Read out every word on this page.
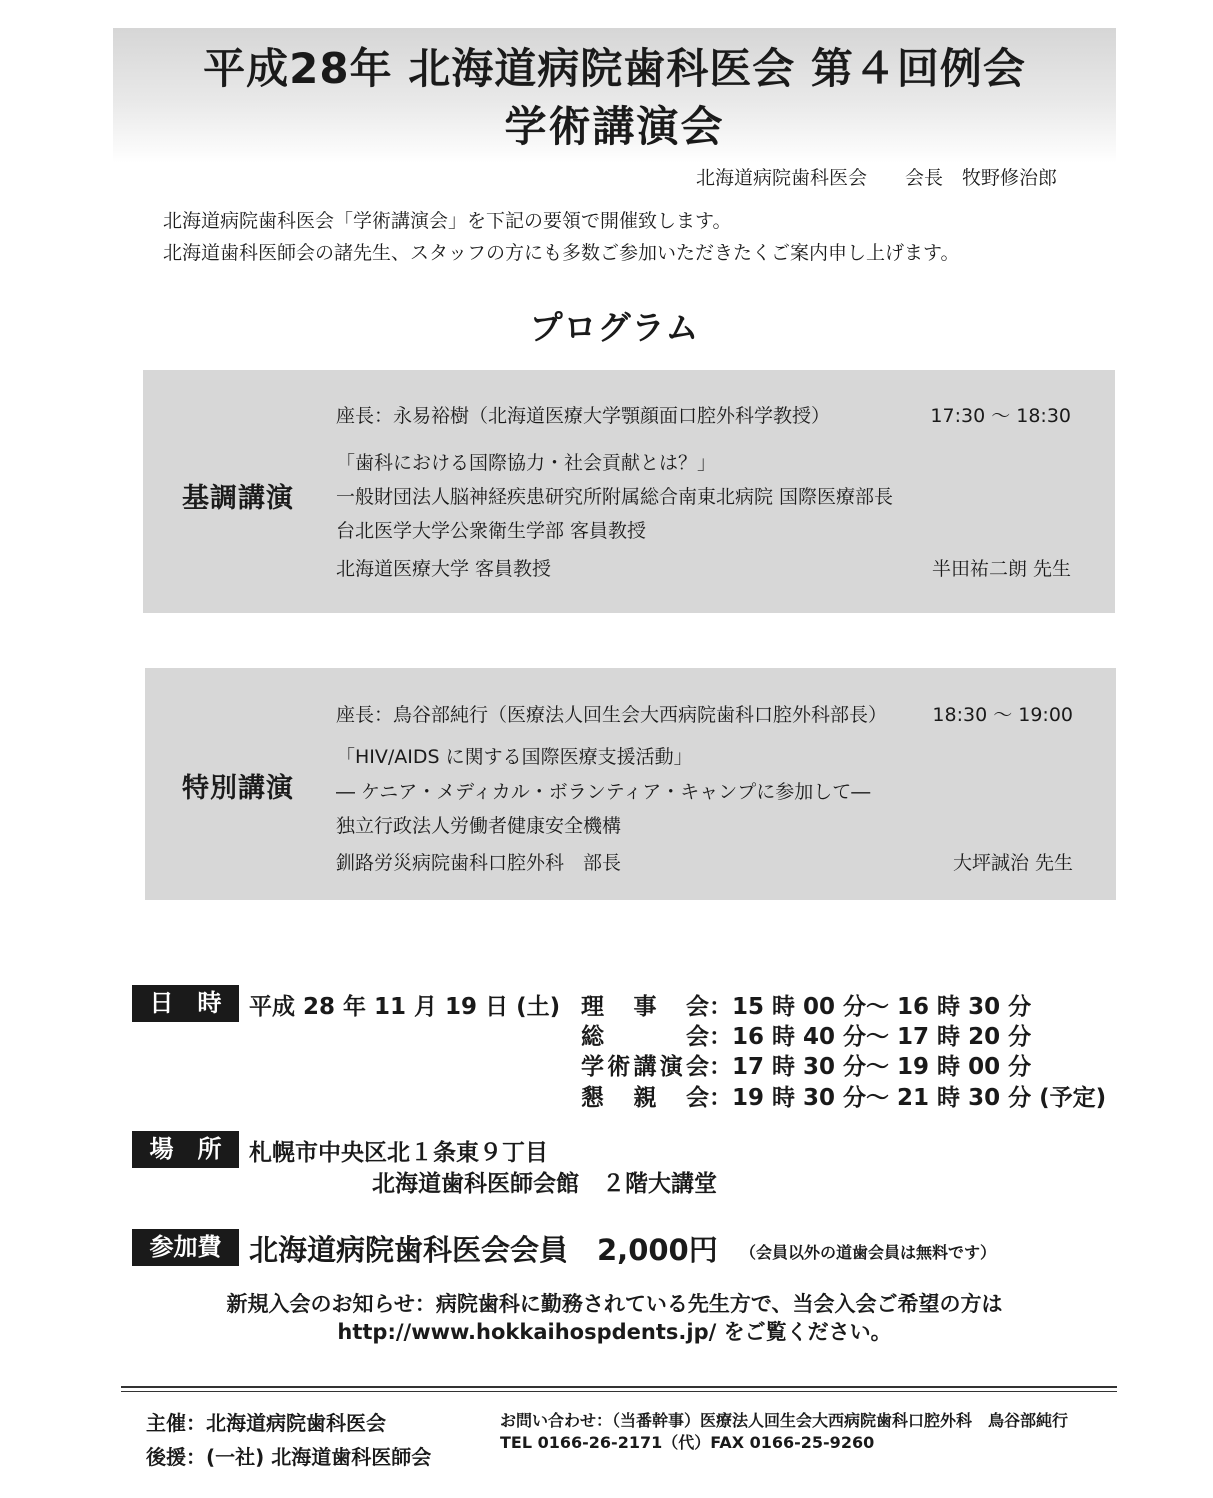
平成28年 北海道病院歯科医会 第４回例会
学術講演会
北海道病院歯科医会　　会長　牧野修治郎
北海道病院歯科医会「学術講演会」を下記の要領で開催致します。
北海道歯科医師会の諸先生、スタッフの方にも多数ご参加いただきたくご案内申し上げます。
プログラム
基調講演
座長：永易裕樹（北海道医療大学顎顔面口腔外科学教授）	17:30 ～ 18:30
「歯科における国際協力・社会貢献とは？」
一般財団法人脳神経疾患研究所附属総合南東北病院 国際医療部長
台北医学大学公衆衛生学部 客員教授
北海道医療大学 客員教授	半田祐二朗 先生
特別講演
座長：鳥谷部純行（医療法人回生会大西病院歯科口腔外科部長） 18:30 ～ 19:00
「HIV/AIDS に関する国際医療支援活動」
― ケニア・メディカル・ボランティア・キャンプに参加して―
独立行政法人労働者健康安全機構
釧路労災病院歯科口腔外科　部長	大坪誠治 先生
日　時	平成 28 年 11 月 19 日 (土) 理　事　会 ：15 時 00 分～ 16 時 30 分
総　　　会 ：16 時 40 分～ 17 時 20 分
学術講演会 ：17 時 30 分～ 19 時 00 分
懇　親　会 ：19 時 30 分～ 21 時 30 分 (予定)
場　所	札幌市中央区北１条東９丁目
北海道歯科医師会館　２階大講堂
参加費 北海道病院歯科医会会員　2,000円 （会員以外の道歯会員は無料です）
新規入会のお知らせ：病院歯科に勤務されている先生方で、当会入会ご希望の方は
http://www.hokkaihospdents.jp/ をご覧ください。
主催：北海道病院歯科医会
後援：(一社) 北海道歯科医師会
お問い合わせ：（当番幹事）医療法人回生会大西病院歯科口腔外科　鳥谷部純行
TEL 0166-26-2171（代）FAX 0166-25-9260
